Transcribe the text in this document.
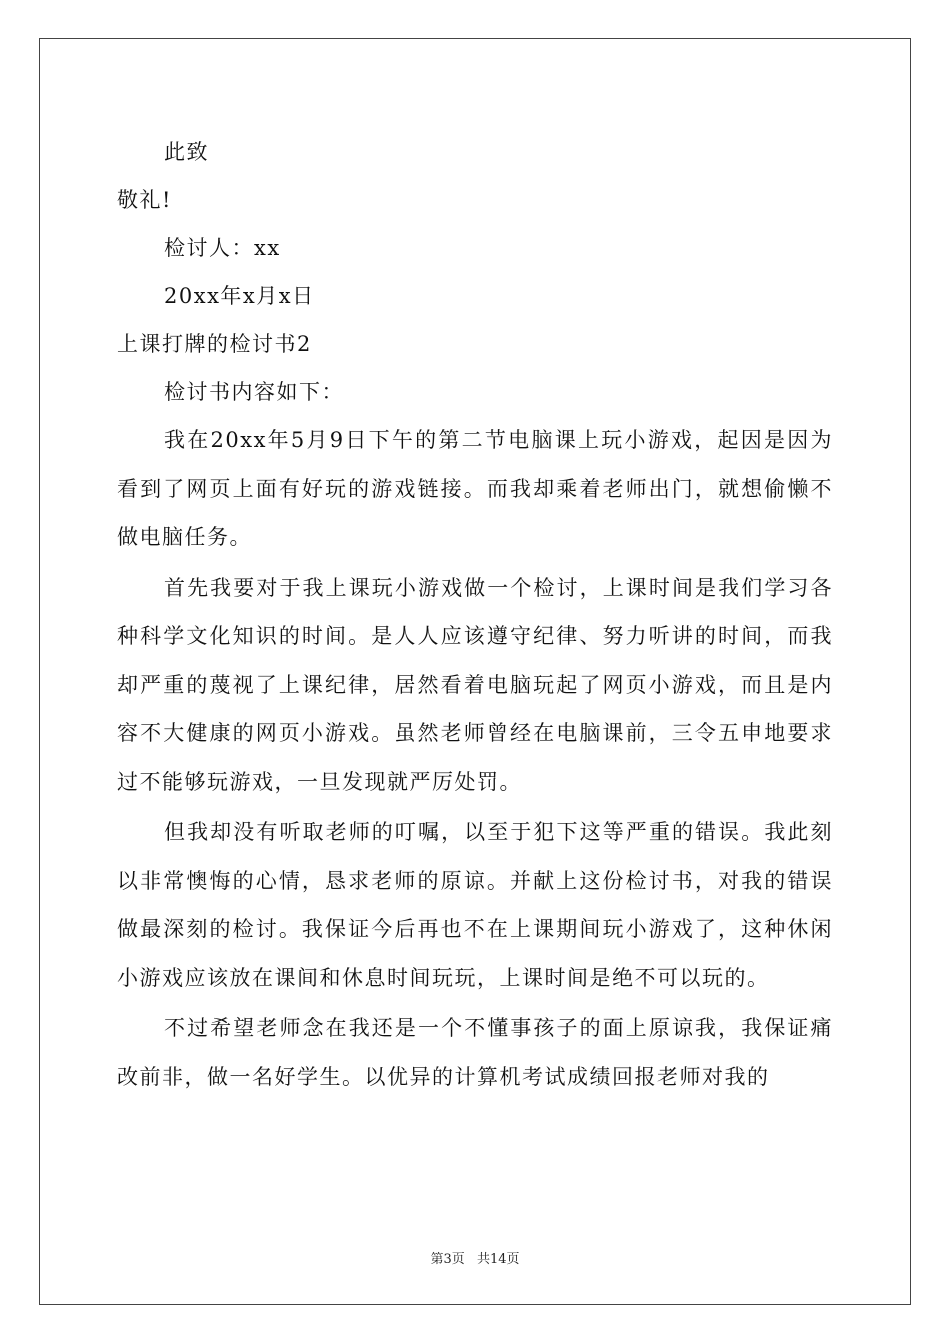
此致
敬礼!
检讨人：xx
20xx年x月x日
上课打牌的检讨书2
检讨书内容如下：

我在20xx年5月9日下午的第二节电脑课上玩小游戏，起因是因为看到了网页上面有好玩的游戏链接。而我却乘着老师出门，就想偷懒不做电脑任务。

首先我要对于我上课玩小游戏做一个检讨，上课时间是我们学习各种科学文化知识的时间。是人人应该遵守纪律、努力听讲的时间，而我却严重的蔑视了上课纪律，居然看着电脑玩起了网页小游戏，而且是内容不大健康的网页小游戏。虽然老师曾经在电脑课前，三令五申地要求过不能够玩游戏，一旦发现就严厉处罚。

但我却没有听取老师的叮嘱，以至于犯下这等严重的错误。我此刻以非常懊悔的心情，恳求老师的原谅。并献上这份检讨书，对我的错误做最深刻的检讨。我保证今后再也不在上课期间玩小游戏了，这种休闲小游戏应该放在课间和休息时间玩玩，上课时间是绝不可以玩的。

不过希望老师念在我还是一个不懂事孩子的面上原谅我，我保证痛改前非，做一名好学生。以优异的计算机考试成绩回报老师对我的

第3页 共14页
